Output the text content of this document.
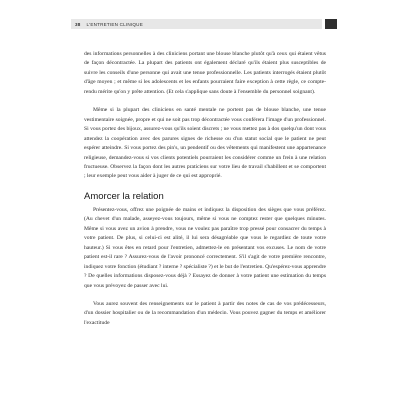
38 L'ENTRETIEN CLINIQUE

des informations personnelles à des cliniciens portant une blouse blanche plutôt qu'à ceux qui étaient vêtus de façon décontractée. La plupart des patients ont également déclaré qu'ils étaient plus susceptibles de suivre les conseils d'une personne qui avait une tenue professionnelle. Les patients interrogés étaient plutôt d'âge moyen ; et même si les adolescents et les enfants pourraient faire exception à cette règle, ce compte-rendu mérite qu'on y prête attention. (Et cela s'applique sans doute à l'ensemble du personnel soignant).

Même si la plupart des cliniciens en santé mentale ne portent pas de blouse blanche, une tenue vestimentaire soignée, propre et qui ne soit pas trop décontractée vous conférera l'image d'un professionnel. Si vous portez des bijoux, assurez-vous qu'ils soient discrets ; ne vous mettez pas à dos quelqu'un dont vous attendez la coopération avec des parures signes de richesse ou d'un statut social que le patient ne peut espérer atteindre. Si vous portez des pin's, un pendentif ou des vêtements qui manifestent une appartenance religieuse, demandez-vous si vos clients potentiels pourraient les considérer comme un frein à une relation fructueuse. Observez la façon dont les autres praticiens sur votre lieu de travail s'habillent et se comportent ; leur exemple peut vous aider à juger de ce qui est approprié.

Amorcer la relation

Présentez-vous, offrez une poignée de mains et indiquez la disposition des sièges que vous préférez. (Au chevet d'un malade, asseyez-vous toujours, même si vous ne comptez rester que quelques minutes. Même si vous avez un avion à prendre, vous ne voulez pas paraître trop pressé pour consacrer du temps à votre patient. De plus, si celui-ci est alité, il lui sera désagréable que vous le regardiez de toute votre hauteur.) Si vous êtes en retard pour l'entretien, admettez-le en présentant vos excuses. Le nom de votre patient est-il rare ? Assurez-vous de l'avoir prononcé correctement. S'il s'agit de votre première rencontre, indiquez votre fonction (étudiant ? interne ? spécialiste ?) et le but de l'entretien. Qu'espérez-vous apprendre ? De quelles informations disposez-vous déjà ? Essayez de donner à votre patient une estimation du temps que vous prévoyez de passer avec lui.

Vous aurez souvent des renseignements sur le patient à partir des notes de cas de vos prédécesseurs, d'un dossier hospitalier ou de la recommandation d'un médecin. Vous pouvez gagner du temps et améliorer l'exactitude
